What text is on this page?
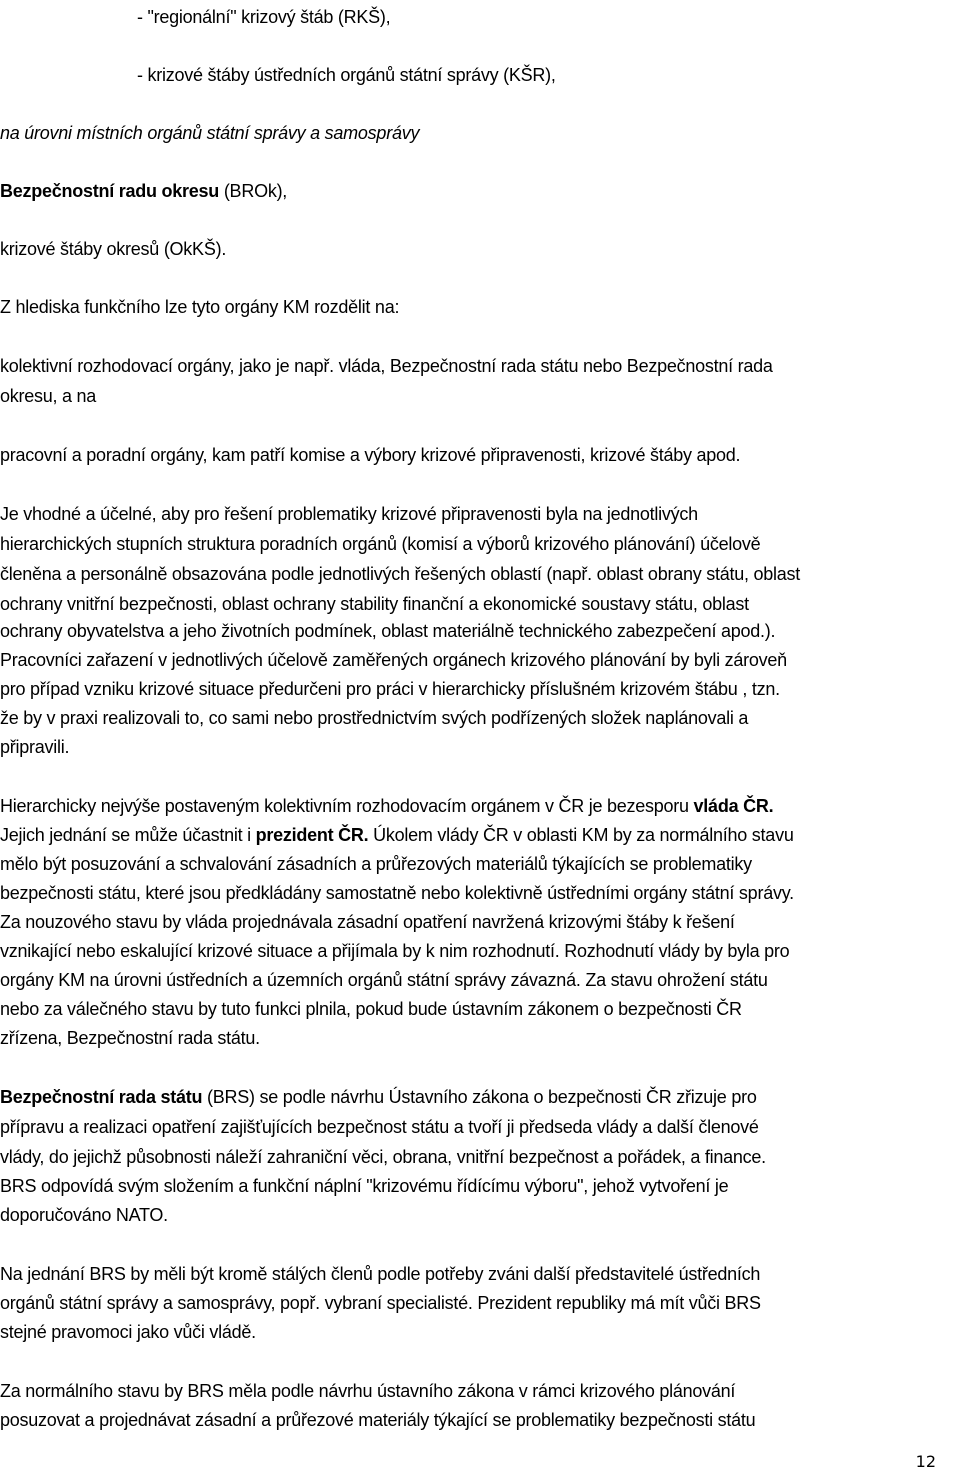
- "regionální" krizový štáb (RKŠ),
- krizové štáby ústředních orgánů státní správy (KŠR),
na úrovni místních orgánů státní správy a samosprávy
Bezpečnostní radu okresu (BROk),
krizové štáby okresů (OkKŠ).
Z hlediska funkčního lze tyto orgány KM rozdělit na:
kolektivní rozhodovací orgány, jako je např. vláda, Bezpečnostní rada státu nebo Bezpečnostní rada
okresu, a na
pracovní a poradní orgány, kam patří komise a výbory krizové připravenosti, krizové štáby apod.
Je vhodné a účelné, aby pro řešení problematiky krizové připravenosti byla na jednotlivých
hierarchických stupních struktura poradních orgánů (komisí a výborů krizového plánování) účelově
členěna a personálně obsazována podle jednotlivých řešených oblastí (např. oblast obrany státu, oblast
ochrany vnitřní bezpečnosti, oblast ochrany stability finanční a ekonomické soustavy státu, oblast
ochrany obyvatelstva a jeho životních podmínek, oblast materiálně technického zabezpečení apod.).
Pracovníci zařazení v jednotlivých účelově zaměřených orgánech krizového plánování by byli zároveň
pro případ vzniku krizové situace předurčeni pro práci v hierarchicky příslušném krizovém štábu , tzn.
že by v praxi realizovali to, co sami nebo prostřednictvím svých podřízených složek naplánovali a
připravili.
Hierarchicky nejvýše postaveným kolektivním rozhodovacím orgánem v ČR je bezesporu vláda ČR.
Jejich jednání se může účastnit i prezident ČR. Úkolem vlády ČR v oblasti KM by za normálního stavu
mělo být posuzování a schvalování zásadních a průřezových materiálů týkajících se problematiky
bezpečnosti státu, které jsou předkládány samostatně nebo kolektivně ústředními orgány státní správy.
Za nouzového stavu by vláda projednávala zásadní opatření navržená krizovými štáby k řešení
vznikající nebo eskalující krizové situace a přijímala by k nim rozhodnutí. Rozhodnutí vlády by byla pro
orgány KM na úrovni ústředních a územních orgánů státní správy závazná. Za stavu ohrožení státu
nebo za válečného stavu by tuto funkci plnila, pokud bude ústavním zákonem o bezpečnosti ČR
zřízena, Bezpečnostní rada státu.
Bezpečnostní rada státu (BRS) se podle návrhu Ústavního zákona o bezpečnosti ČR zřizuje pro
přípravu a realizaci opatření zajišťujících bezpečnost státu a tvoří ji předseda vlády a další členové
vlády, do jejichž působnosti náleží zahraniční věci, obrana, vnitřní bezpečnost a pořádek, a finance.
BRS odpovídá svým složením a funkční náplní "krizovému řídícímu výboru", jehož vytvoření je
doporučováno NATO.
Na jednání BRS by měli být kromě stálých členů podle potřeby zváni další představitelé ústředních
orgánů státní správy a samosprávy, popř. vybraní specialisté. Prezident republiky má mít vůči BRS
stejné pravomoci jako vůči vládě.
Za normálního stavu by BRS měla podle návrhu ústavního zákona v rámci krizového plánování
posuzovat a projednávat zásadní a průřezové materiály týkající se problematiky bezpečnosti státu
12
